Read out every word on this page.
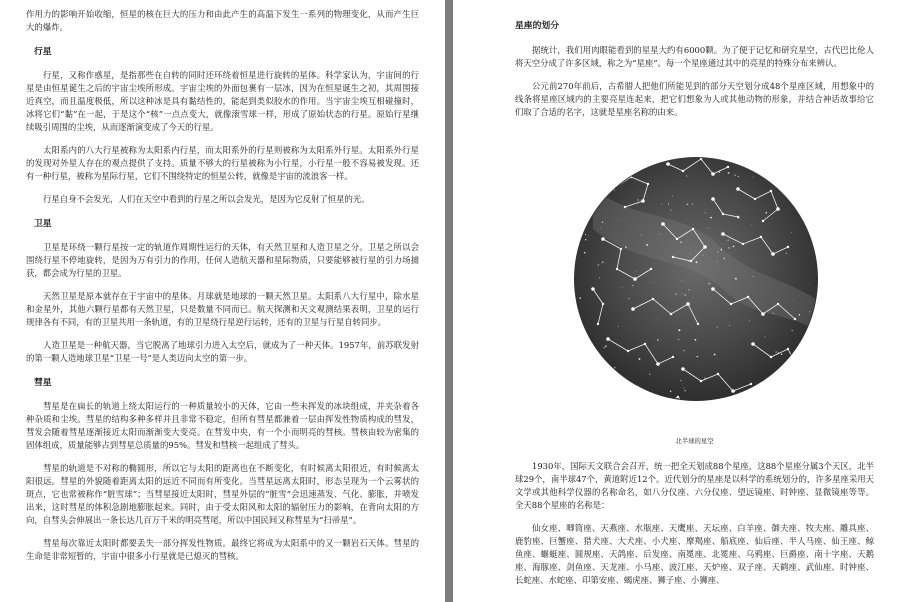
作用力的影响开始收缩，恒星的核在巨大的压力和由此产生的高温下发生一系列的物理变化，从而产生巨大的爆炸。

行星

行星，又称作惑星，是指那些在自转的同时还环绕着恒星进行旋转的星体。科学家认为，宇宙间的行星是由恒星诞生之后的宇宙尘埃所形成。宇宙尘埃的外面包裹有一层冰，因为在恒星诞生之初，其周围接近真空，而且温度极低，所以这种冰是具有黏结性的，能起到类似胶水的作用。当宇宙尘埃互相碰撞时，冰将它们“黏”在一起，于是这个“核”一点点变大，就像滚雪球一样，形成了原始状态的行星。原始行星继续吸引周围的尘埃，从而逐渐演变成了今天的行星。

太阳系内的八大行星被称为太阳系内行星，而太阳系外的行星则被称为太阳系外行星。太阳系外行星的发现对外星人存在的观点提供了支持。质量不够大的行星被称为小行星，小行星一般不容易被发现。还有一种行星，被称为星际行星，它们不围绕特定的恒星公转，就像是宇宙的流浪客一样。

行星自身不会发光，人们在天空中看到的行星之所以会发光，是因为它反射了恒星的光。

卫星

卫星是环绕一颗行星按一定的轨道作周期性运行的天体，有天然卫星和人造卫星之分。卫星之所以会围绕行星不停地旋转，是因为万有引力的作用，任何人造航天器和星际物质，只要能够被行星的引力场捕获，都会成为行星的卫星。

天然卫星是原本就存在于宇宙中的星体。月球就是地球的一颗天然卫星。太阳系八大行星中，除水星和金星外，其他六颗行星都有天然卫星，只是数量不同而已。航天探测和天文观测结果表明，卫星的运行规律各有不同，有的卫星共用一条轨道，有的卫星绕行星逆行运转，还有的卫星与行星自转同步。

人造卫星是一种航天器，当它脱离了地球引力进入太空后，就成为了一种天体。1957年，前苏联发射的第一颗人造地球卫星“卫星一号”是人类迈向太空的第一步。

彗星

彗星是在扁长的轨道上绕太阳运行的一种质量较小的天体，它由一些未挥发的冰块组成，并夹杂着各种杂质和尘埃。彗星的结构多种多样并且非常不稳定，但所有彗星都兼着一层由挥发性物质构成的彗发，彗发会随着彗星逐渐接近太阳而渐渐变大变亮。在彗发中央，有一个小而明亮的彗核。彗核由较为密集的固体组成，质量能够占到彗星总质量的95%。彗发和彗核一起组成了彗头。

彗星的轨道是不对称的椭圆形，所以它与太阳的距离也在不断变化，有时候离太阳很近，有时候离太阳很远。彗星的外貌随着距离太阳的远近不同而有所变化。当彗星远离太阳时，形态呈现为一个云雾状的斑点，它也常被称作“脏雪球”；当彗星接近太阳时，彗星外层的“脏雪”会迅速蒸发、气化、膨胀，并喷发出来，这时彗星的体积急剧地膨胀起来。同时，由于受太阳风和太阳的辐射压力的影响，在背向太阳的方向，自彗头会伸展出一条长达几百万千米的明亮彗尾，所以中国民间又称彗星为“扫帚星”。

彗星每次靠近太阳时都要丢失一部分挥发性物质。最终它将成为太阳系中的又一颗岩石天体。彗星的生命是非常短暂的，宇宙中很多小行星就是已熄灭的彗核。

星座的划分

据统计，我们用肉眼能看到的星星大约有6000颗。为了便于记忆和研究星空，古代巴比伦人将天空分成了许多区域，称之为“星座”。每一个星座通过其中的亮星的特殊分布来辨认。

公元前270年前后，古希腊人把他们所能见到的部分天空划分成48个星座区域，用想象中的线条将星座区域内的主要亮星连起来，把它们想象为人或其他动物的形象，并结合神话故事给它们取了合适的名字，这就是星座名称的由来。

北半球的星空

1930年，国际天文联合会召开，统一把全天划成88个星座，这88个星座分属3个天区，北半球29个，南半球47个，黄道附近12个。近代划分的星座是以科学的系统划分的，许多星座采用天文学或其他科学仪器的名称命名，如八分仪座、六分仪座、望远镜座、时钟座、显微镜座等等。全天88个星座的名称是：

仙女座、唧筒座、天燕座、水瓶座、天鹰座、天坛座、白羊座、御夫座、牧夫座、雕具座、鹿豹座、巨蟹座、猎犬座、大犬座、小犬座、摩羯座、船底座、仙后座、半人马座、仙王座、鲸鱼座、蝘蜓座、圆规座、天鸽座、后发座、南冕座、北冕座、乌鸦座、巨爵座、南十字座、天鹅座、海豚座、剑鱼座、天龙座、小马座、波江座、天炉座、双子座、天鹤座、武仙座、时钟座、长蛇座、水蛇座、印第安座、蝎虎座、狮子座、小狮座、
